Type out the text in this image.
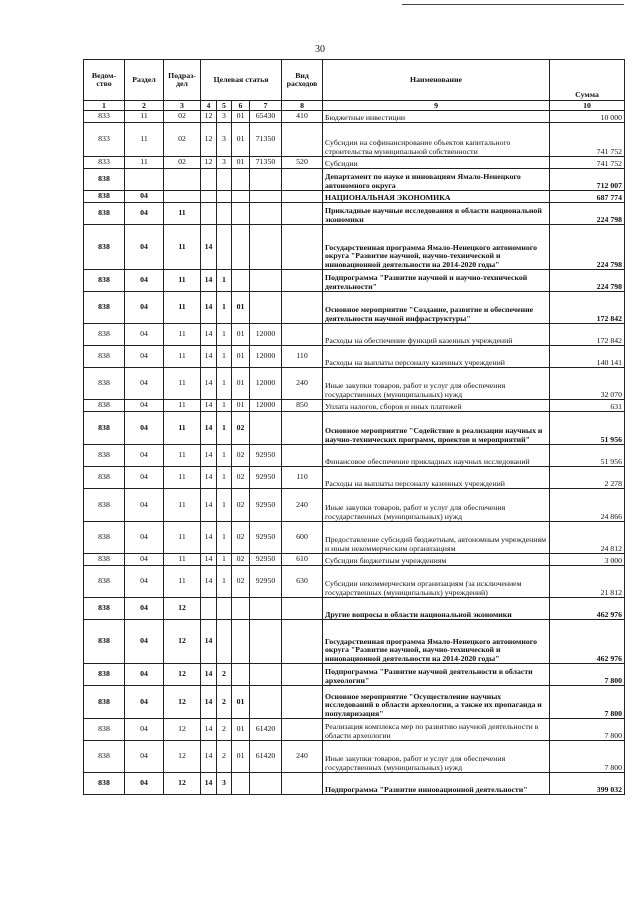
30
Ведом-ство	Раздел	Подраз-дел	Целевая статья				Вид расходов	Наименование	Сумма
1	2	3	4	5	6	7	8	9	10
833	11	02	12	3	01	65430	410	Бюджетные инвестиции	10 000
833	11	02	12	3	01	71350		Субсидии на софинансирование объектов капитального строительства муниципальной собственности	741 752
833	11	02	12	3	01	71350	520	Субсидии	741 752
838								Департамент по науке и инновациям Ямало-Ненецкого автономного округа	712 007
838	04							НАЦИОНАЛЬНАЯ ЭКОНОМИКА	687 774
838	04	11						Прикладные научные исследования в области национальной экономики	224 798
838	04	11	14					Государственная программа Ямало-Ненецкого автономного округа "Развитие научной, научно-технической и инновационной деятельности на 2014-2020 годы"	224 798
838	04	11	14	1				Подпрограмма "Развитие научной и научно-технической деятельности"	224 798
838	04	11	14	1	01			Основное мероприятие "Создание, развитие и обеспечение деятельности научной инфраструктуры"	172 842
838	04	11	14	1	01	12000		Расходы на обеспечение функций казенных учреждений	172 842
838	04	11	14	1	01	12000	110	Расходы на выплаты персоналу казенных учреждений	140 141
838	04	11	14	1	01	12000	240	Иные закупки товаров, работ и услуг для обеспечения государственных (муниципальных) нужд	32 070
838	04	11	14	1	01	12000	850	Уплата налогов, сборов и иных платежей	631
838	04	11	14	1	02			Основное мероприятие "Содействие в реализации научных и научно-технических программ, проектов и мероприятий"	51 956
838	04	11	14	1	02	92950		Финансовое обеспечение прикладных научных исследований	51 956
838	04	11	14	1	02	92950	110	Расходы на выплаты персоналу казенных учреждений	2 278
838	04	11	14	1	02	92950	240	Иные закупки товаров, работ и услуг для обеспечения государственных (муниципальных) нужд	24 866
838	04	11	14	1	02	92950	600	Предоставление субсидий бюджетным, автономным учреждениям и иным некоммерческим организациям	24 812
838	04	11	14	1	02	92950	610	Субсидии бюджетным учреждениям	3 000
838	04	11	14	1	02	92950	630	Субсидии некоммерческим организациям (за исключением государственных (муниципальных) учреждений)	21 812
838	04	12						Другие вопросы в области национальной экономики	462 976
838	04	12	14					Государственная программа Ямало-Ненецкого автономного округа "Развитие научной, научно-технической и инновационной деятельности на 2014-2020 годы"	462 976
838	04	12	14	2				Подпрограмма "Развитие научной деятельности в области археологии"	7 800
838	04	12	14	2	01			Основное мероприятие "Осуществление научных исследований в области археологии, а также их пропаганда и популяризация"	7 800
838	04	12	14	2	01	61420		Реализация комплекса мер по развитию научной деятельности в области археологии	7 800
838	04	12	14	2	01	61420	240	Иные закупки товаров, работ и услуг для обеспечения государственных (муниципальных) нужд	7 800
838	04	12	14	3				Подпрограмма "Развитие инновационной деятельности"	399 032
